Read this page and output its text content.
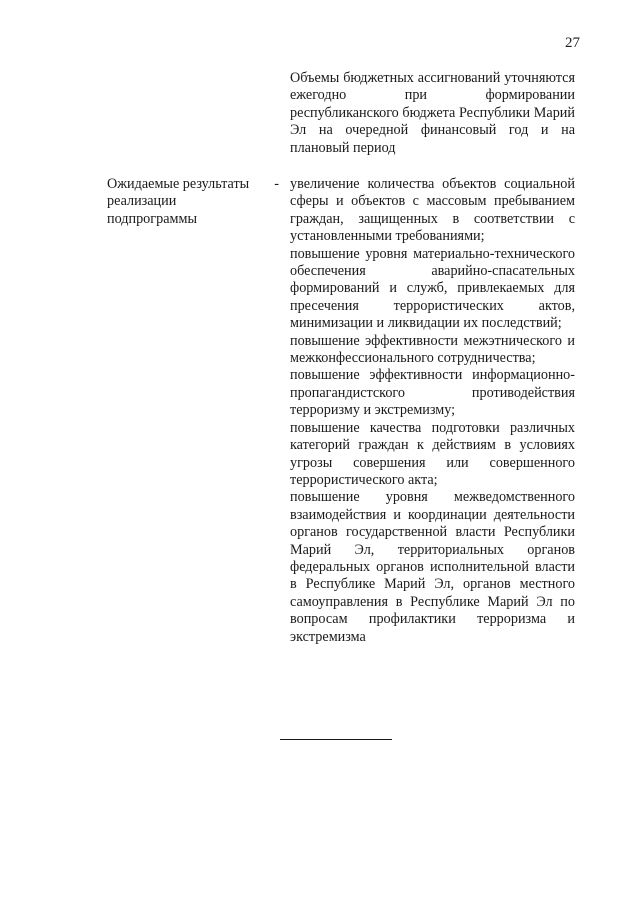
27

Объемы бюджетных ассигнований уточняются ежегодно при формировании республиканского бюджета Республики Марий Эл на очередной финансовый год и на плановый период

Ожидаемые результаты -
реализации
подпрограммы

увеличение количества объектов социальной сферы и объектов с массовым пребыванием граждан, защищенных в соответствии с установленными требованиями;

повышение уровня материально-технического обеспечения аварийно-спасательных формирований и служб, привлекаемых для пресечения террористических актов, минимизации и ликвидации их последствий;

повышение эффективности межэтнического и межконфессионального сотрудничества;

повышение эффективности информационно-пропагандистского противодействия терроризму и экстремизму;

повышение качества подготовки различных категорий граждан к действиям в условиях угрозы совершения или совершенного террористического акта;

повышение уровня межведомственного взаимодействия и координации деятельности органов государственной власти Республики Марий Эл, территориальных органов федеральных органов исполнительной власти в Республике Марий Эл, органов местного самоуправления в Республике Марий Эл по вопросам профилактики терроризма и экстремизма
